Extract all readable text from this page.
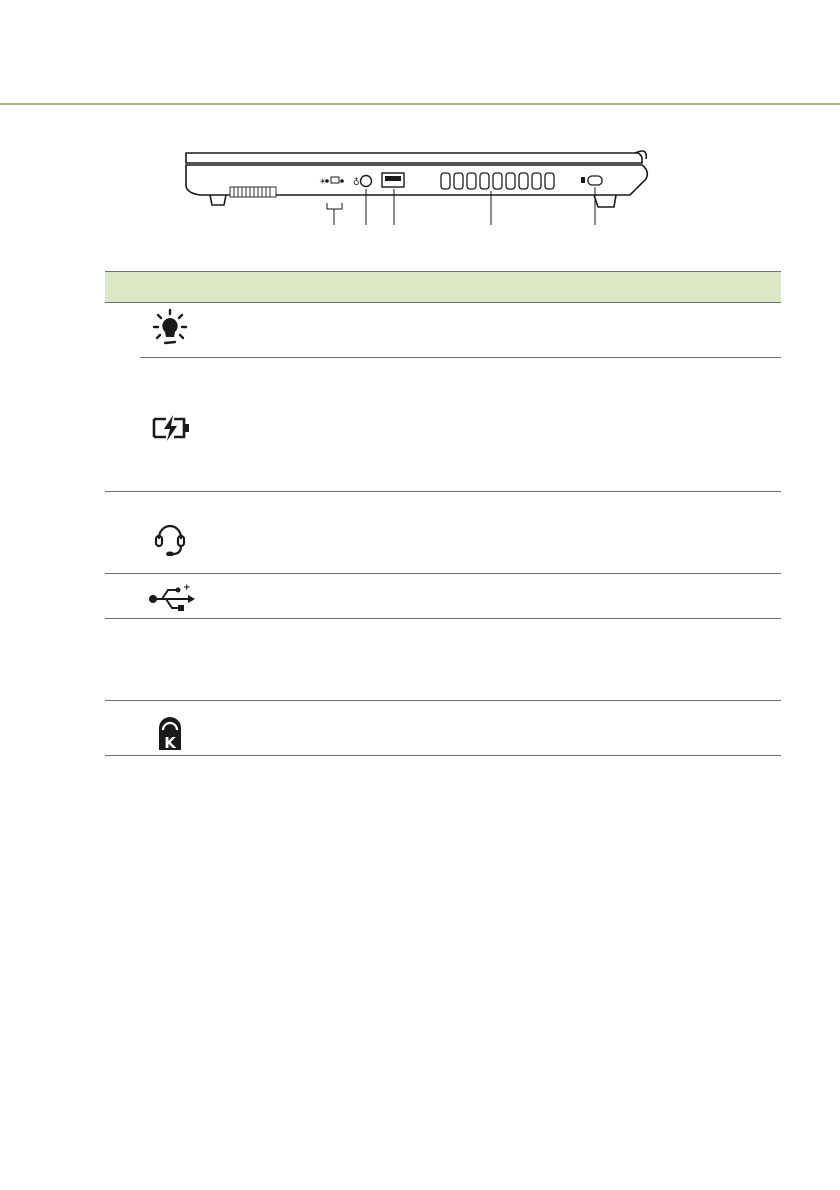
☀	♁
+
K
